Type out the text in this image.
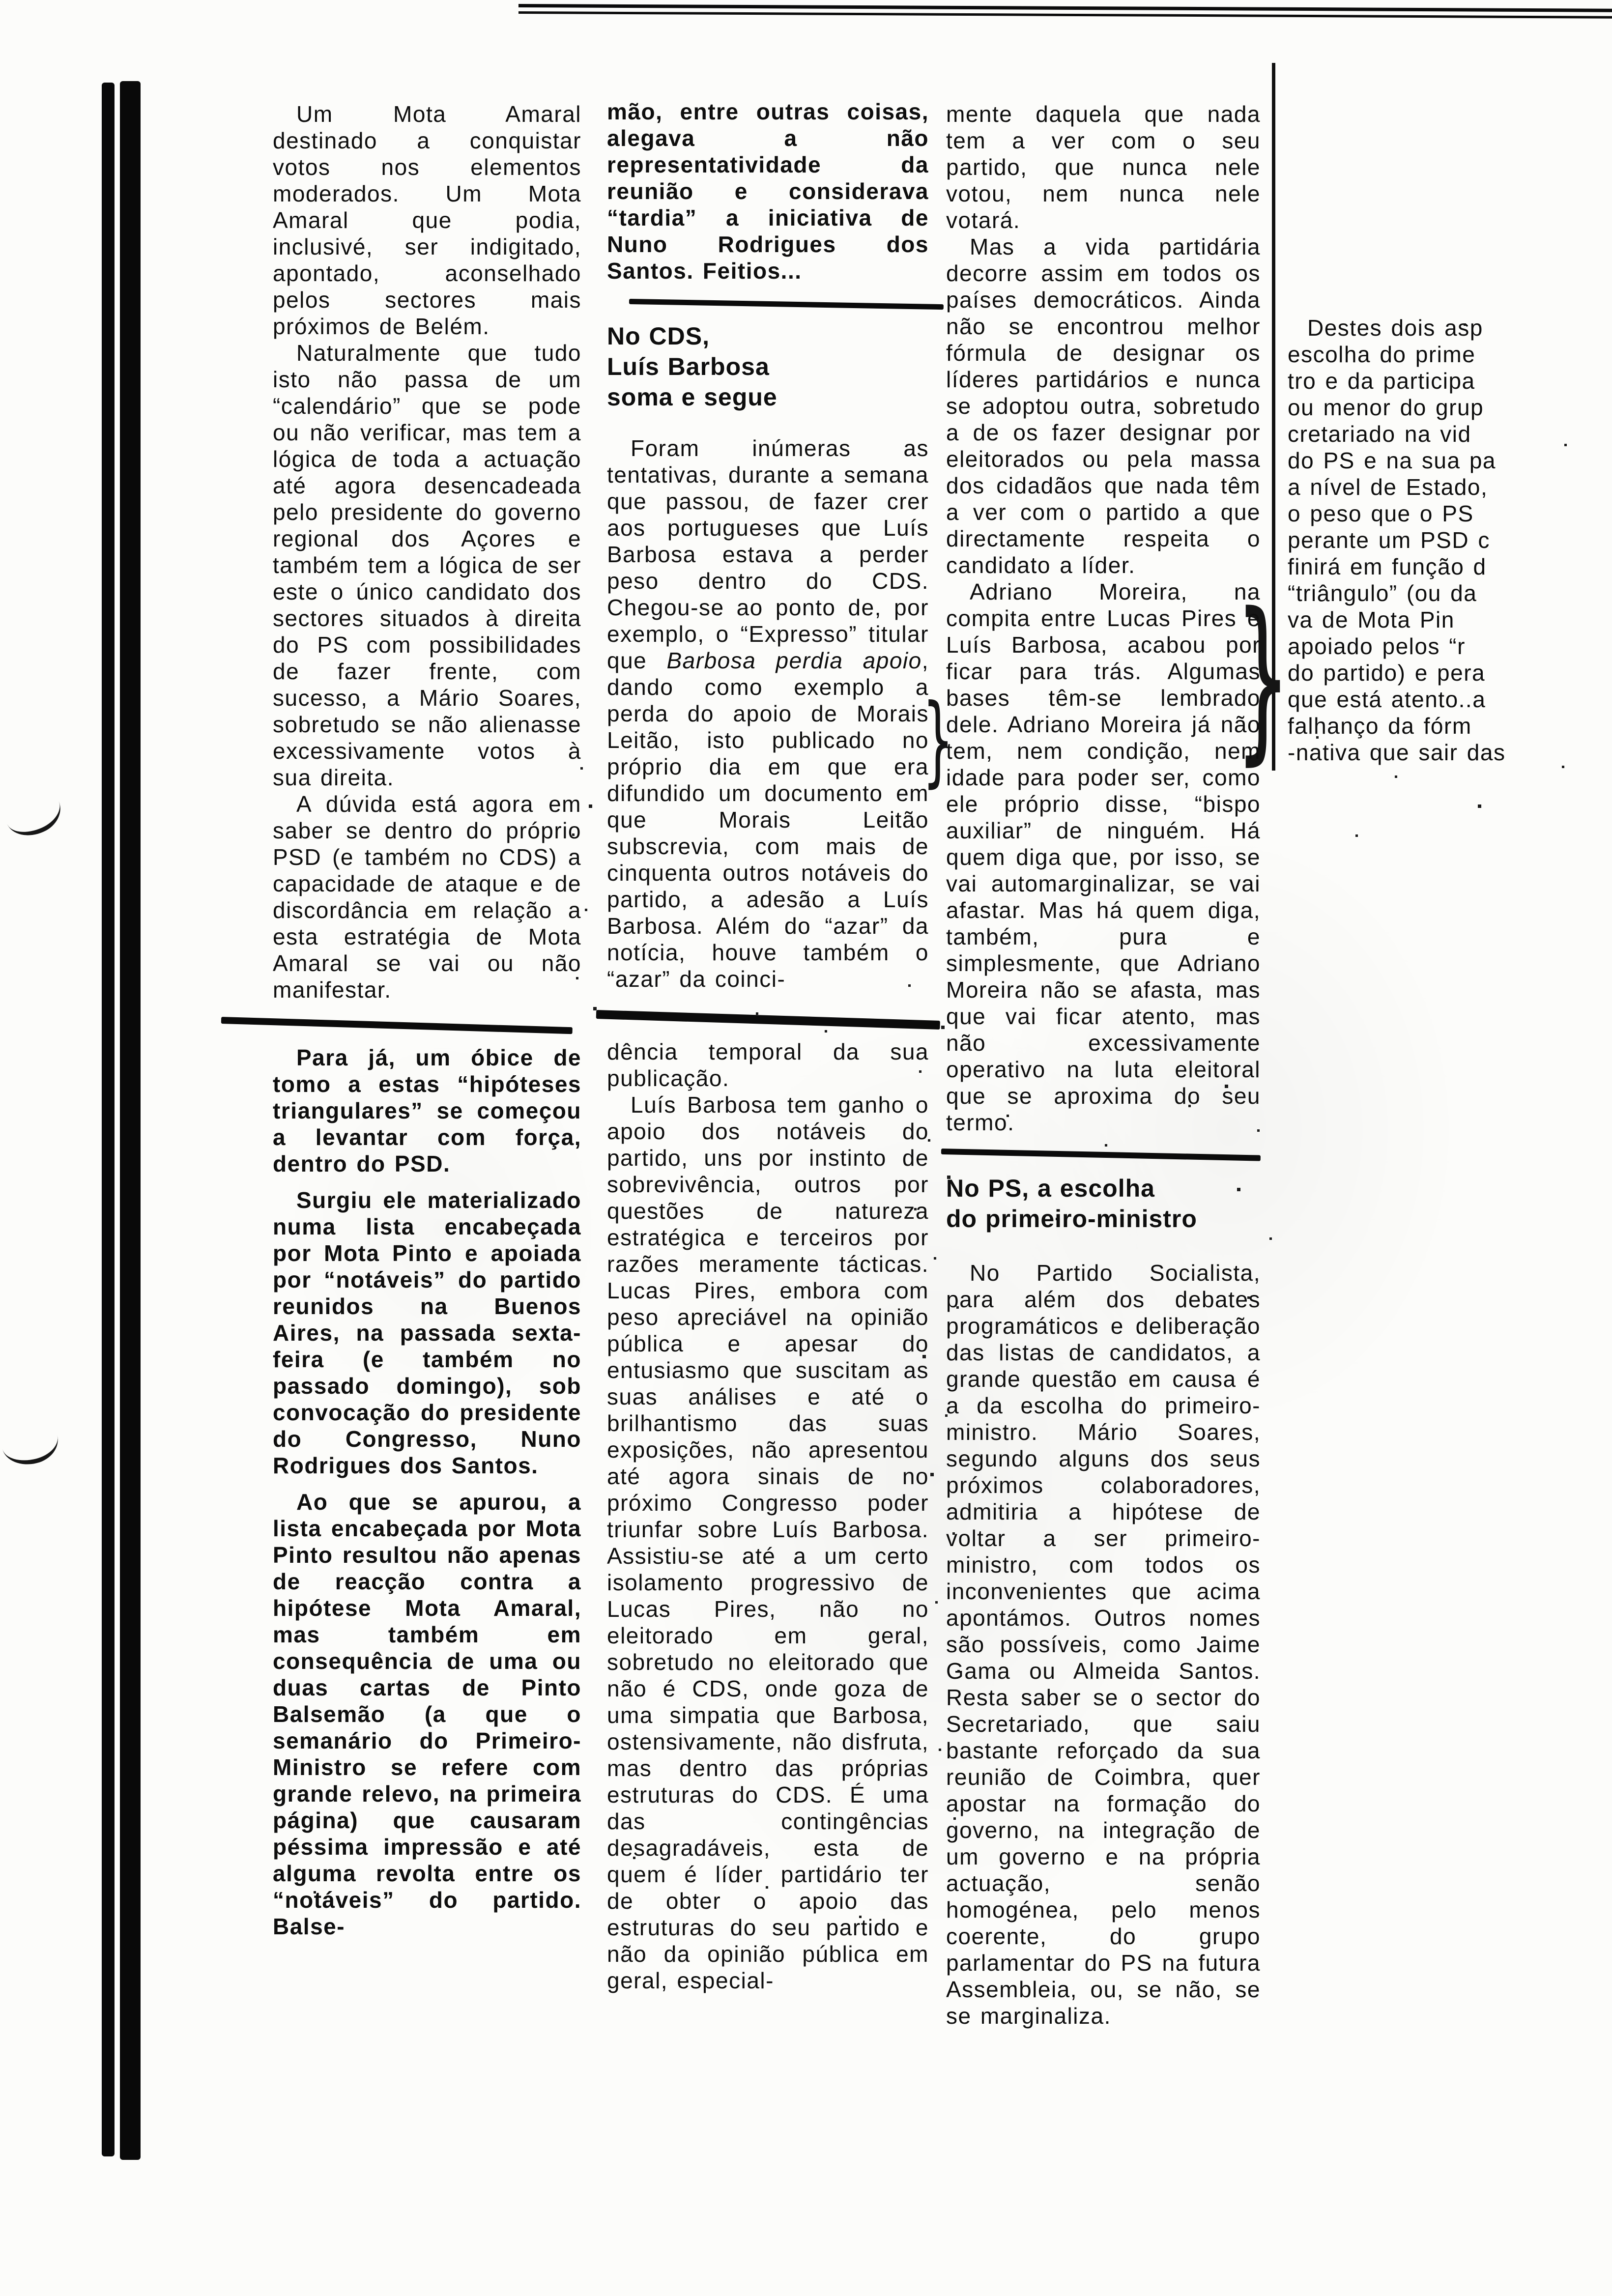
}
}

Um Mota Amaral destinado a conquistar votos nos elementos moderados. Um Mota Amaral que podia, inclusivé, ser indigitado, apontado, aconselhado pelos sectores mais próximos de Belém.

Naturalmente que tudo isto não passa de um “calendário” que se pode ou não verificar, mas tem a lógica de toda a actuação até agora desencadeada pelo presidente do governo regional dos Açores e também tem a lógica de ser este o único candidato dos sectores situados à direita do PS com possibilidades de fazer frente, com sucesso, a Mário Soares, sobretudo se não alienasse excessivamente votos à sua direita.

A dúvida está agora em saber se dentro do próprio PSD (e também no CDS) a capacidade de ataque e de discordância em relação a esta estratégia de Mota Amaral se vai ou não manifestar.

Para já, um óbice de tomo a estas “hipóteses triangulares” se começou a levantar com força, dentro do PSD.

Surgiu ele materializado numa lista encabeçada por Mota Pinto e apoiada por “notáveis” do partido reunidos na Buenos Aires, na passada sexta-feira (e também no passado domingo), sob convocação do presidente do Congresso, Nuno Rodrigues dos Santos.

Ao que se apurou, a lista encabeçada por Mota Pinto resultou não apenas de reacção contra a hipótese Mota Amaral, mas também em consequência de uma ou duas cartas de Pinto Balsemão (a que o semanário do Primeiro-Ministro se refere com grande relevo, na primeira página) que causaram péssima impressão e até alguma revolta entre os “notáveis” do partido. Balse-

mão, entre outras coisas, alegava a não representatividade da reunião e considerava “tardia” a iniciativa de Nuno Rodrigues dos Santos. Feitios...

No CDS,
Luís Barbosa
soma e segue

Foram inúmeras as tentativas, durante a semana que passou, de fazer crer aos portugueses que Luís Barbosa estava a perder peso dentro do CDS. Chegou-se ao ponto de, por exemplo, o “Expresso” titular que Barbosa perdia apoio, dando como exemplo a perda do apoio de Morais Leitão, isto publicado no próprio dia em que era difundido um documento em que Morais Leitão subscrevia, com mais de cinquenta outros notáveis do partido, a adesão a Luís Barbosa. Além do “azar” da notícia, houve também o “azar” da coinci-

dência temporal da sua publicação.

Luís Barbosa tem ganho o apoio dos notáveis do partido, uns por instinto de sobrevivência, outros por questões de natureza estratégica e terceiros por razões meramente tácticas. Lucas Pires, embora com peso apreciável na opinião pública e apesar do entusiasmo que suscitam as suas análises e até o brilhantismo das suas exposições, não apresentou até agora sinais de no próximo Congresso poder triunfar sobre Luís Barbosa. Assistiu-se até a um certo isolamento progressivo de Lucas Pires, não no eleitorado em geral, sobretudo no eleitorado que não é CDS, onde goza de uma simpatia que Barbosa, ostensivamente, não disfruta, mas dentro das próprias estruturas do CDS. É uma das contingências desagradáveis, esta de quem é líder partidário ter de obter o apoio das estruturas do seu partido e não da opinião pública em geral, especial-

mente daquela que nada tem a ver com o seu partido, que nunca nele votou, nem nunca nele votará.

Mas a vida partidária decorre assim em todos os países democráticos. Ainda não se encontrou melhor fórmula de designar os líderes partidários e nunca se adoptou outra, sobretudo a de os fazer designar por eleitorados ou pela massa dos cidadãos que nada têm a ver com o partido a que directamente respeita o candidato a líder.

Adriano Moreira, na compita entre Lucas Pires e Luís Barbosa, acabou por ficar para trás. Algumas bases têm-se lembrado dele. Adriano Moreira já não tem, nem condição, nem idade para poder ser, como ele próprio disse, “bispo auxiliar” de ninguém. Há quem diga que, por isso, se vai automarginalizar, se vai afastar. Mas há quem diga, também, pura e simplesmente, que Adriano Moreira não se afasta, mas que vai ficar atento, mas não excessivamente operativo na luta eleitoral que se aproxima do seu termo.

No PS, a escolha
do primeiro-ministro

No Partido Socialista, para além dos debates programáticos e deliberação das listas de candidatos, a grande questão em causa é a da escolha do primeiro-ministro. Mário Soares, segundo alguns dos seus próximos colaboradores, admitiria a hipótese de voltar a ser primeiro-ministro, com todos os inconvenientes que acima apontámos. Outros nomes são possíveis, como Jaime Gama ou Almeida Santos. Resta saber se o sector do Secretariado, que saiu bastante reforçado da sua reunião de Coimbra, quer apostar na formação do governo, na integração de um governo e na própria actuação, senão homogénea, pelo menos coerente, do grupo parlamentar do PS na futura Assembleia, ou, se não, se se marginaliza.

Destes dois asp
escolha do prime
tro e da participa
ou menor do grup
cretariado na vid
do PS e na sua pa
a nível de Estado,
o peso que o PS
perante um PSD c
finirá em função d
“triângulo” (ou da
va de Mota Pin
apoiado pelos “r
do partido) e pera
que está atento..a
falhanço da fórm
-nativa que sair das
